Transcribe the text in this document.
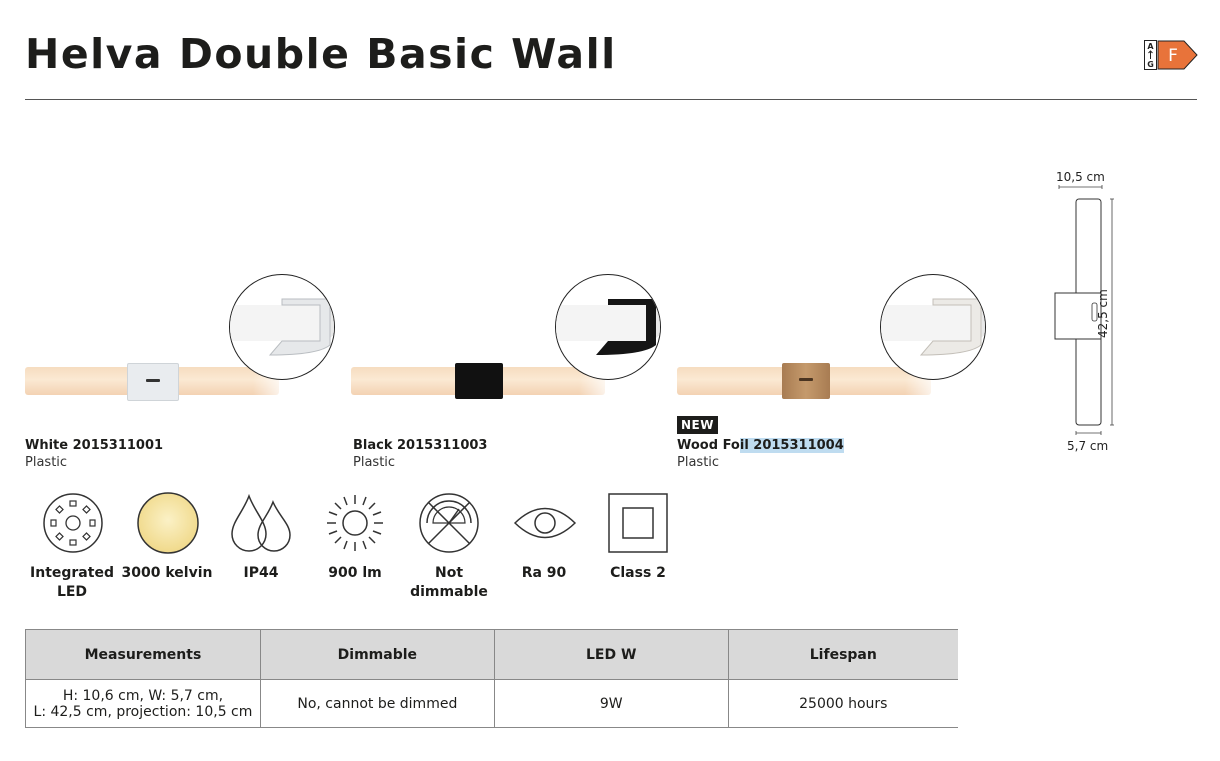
Helva Double Basic Wall	A
G F
White 2015311001
Plastic
Black 2015311003
Plastic
NEW
Wood Foil 2015311004
Plastic
10,5 cm
42,5 cm
5,7 cm
Integrated
LED
3000 kelvin	IP44	900 lm	Not
dimmable
Ra 90	Class 2
Measurements	Dimmable	LED W	Lifespan

H: 10,6 cm, W: 5,7 cm,
L: 42,5 cm, projection: 10,5 cm	No, cannot be dimmed	9W	25000 hours
